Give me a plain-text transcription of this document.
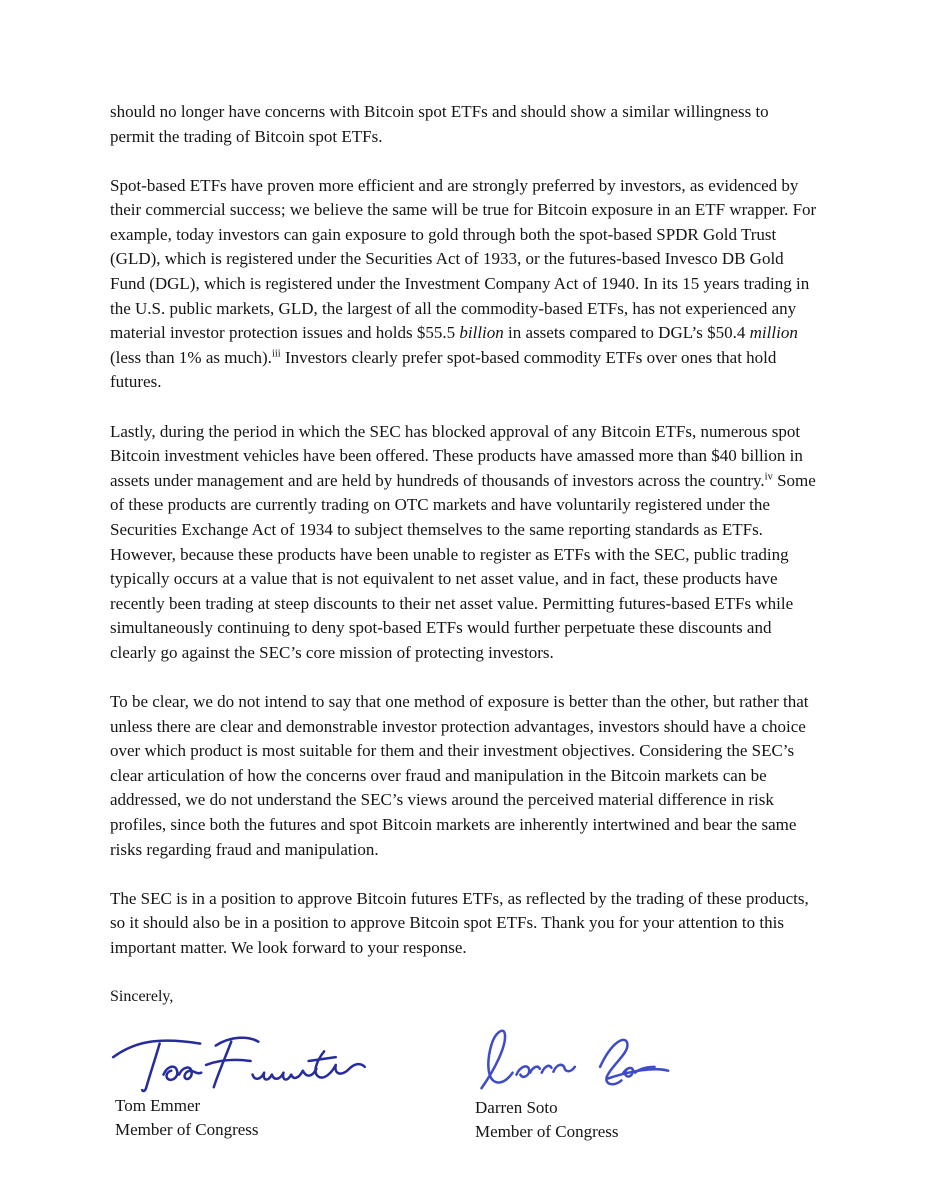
should no longer have concerns with Bitcoin spot ETFs and should show a similar willingness to permit the trading of Bitcoin spot ETFs.

Spot-based ETFs have proven more efficient and are strongly preferred by investors, as evidenced by their commercial success; we believe the same will be true for Bitcoin exposure in an ETF wrapper. For example, today investors can gain exposure to gold through both the spot-based SPDR Gold Trust (GLD), which is registered under the Securities Act of 1933, or the futures-based Invesco DB Gold Fund (DGL), which is registered under the Investment Company Act of 1940. In its 15 years trading in the U.S. public markets, GLD, the largest of all the commodity-based ETFs, has not experienced any material investor protection issues and holds $55.5 billion in assets compared to DGL’s $50.4 million (less than 1% as much).$^{iii}$ Investors clearly prefer spot-based commodity ETFs over ones that hold futures.

Lastly, during the period in which the SEC has blocked approval of any Bitcoin ETFs, numerous spot Bitcoin investment vehicles have been offered. These products have amassed more than $40 billion in assets under management and are held by hundreds of thousands of investors across the country.$^{iv}$ Some of these products are currently trading on OTC markets and have voluntarily registered under the Securities Exchange Act of 1934 to subject themselves to the same reporting standards as ETFs. However, because these products have been unable to register as ETFs with the SEC, public trading typically occurs at a value that is not equivalent to net asset value, and in fact, these products have recently been trading at steep discounts to their net asset value. Permitting futures-based ETFs while simultaneously continuing to deny spot-based ETFs would further perpetuate these discounts and clearly go against the SEC’s core mission of protecting investors.

To be clear, we do not intend to say that one method of exposure is better than the other, but rather that unless there are clear and demonstrable investor protection advantages, investors should have a choice over which product is most suitable for them and their investment objectives. Considering the SEC’s clear articulation of how the concerns over fraud and manipulation in the Bitcoin markets can be addressed, we do not understand the SEC’s views around the perceived material difference in risk profiles, since both the futures and spot Bitcoin markets are inherently intertwined and bear the same risks regarding fraud and manipulation.

The SEC is in a position to approve Bitcoin futures ETFs, as reflected by the trading of these products, so it should also be in a position to approve Bitcoin spot ETFs. Thank you for your attention to this important matter. We look forward to your response.

Sincerely,

Tom Emmer
Member of Congress
Darren Soto
Member of Congress
